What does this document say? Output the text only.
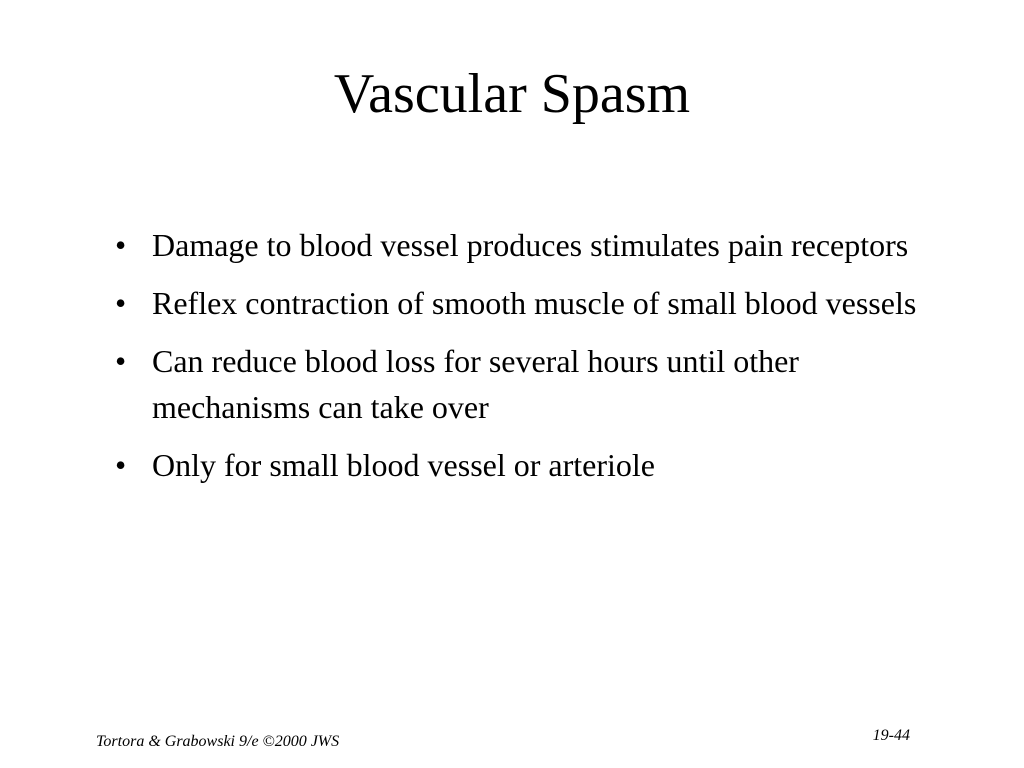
Vascular Spasm
• Damage to blood vessel produces stimulates pain receptors
• Reflex contraction of smooth muscle of small blood vessels
• Can reduce blood loss for several hours until other mechanisms can take over
• Only for small blood vessel or arteriole
Tortora & Grabowski 9/e ©2000 JWS	19-44
